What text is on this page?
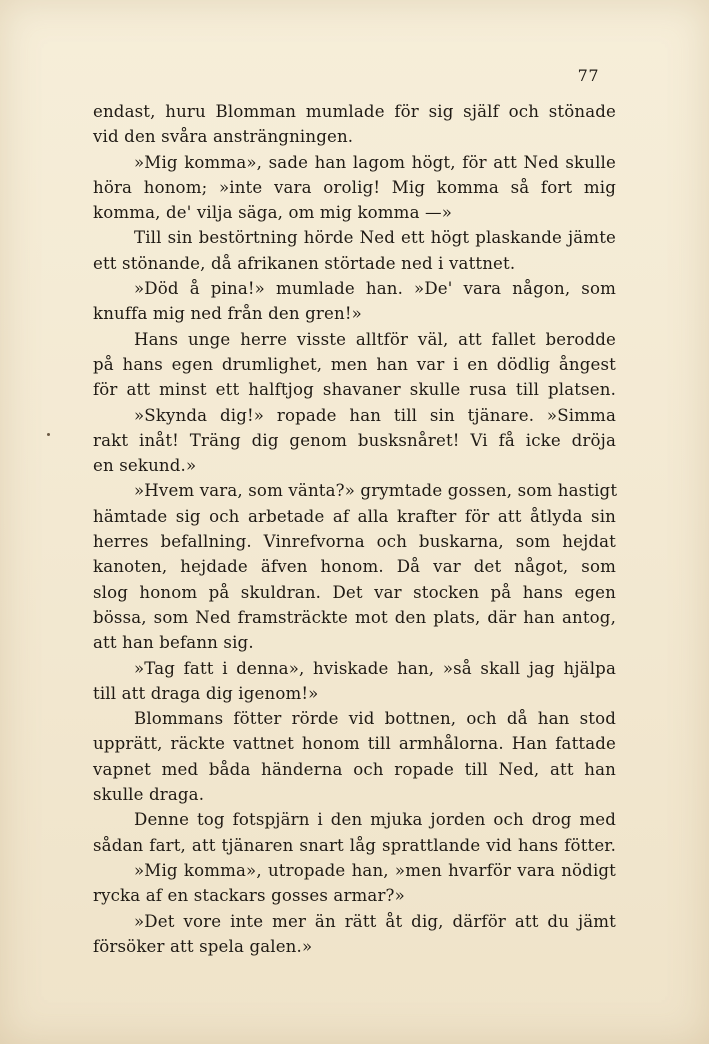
77
endast, huru Blomman mumlade för sig själf och stönade
vid den svåra ansträngningen.
»Mig komma», sade han lagom högt, för att Ned skulle
höra honom; »inte vara orolig! Mig komma så fort mig
komma, de' vilja säga, om mig komma —»
Till sin bestörtning hörde Ned ett högt plaskande jämte
ett stönande, då afrikanen störtade ned i vattnet.
»Död å pina!» mumlade han. »De' vara någon, som
knuffa mig ned från den gren!»
Hans unge herre visste alltför väl, att fallet berodde
på hans egen drumlighet, men han var i en dödlig ångest
för att minst ett halftjog shavaner skulle rusa till platsen.
»Skynda dig!» ropade han till sin tjänare. »Simma
rakt inåt! Träng dig genom busksnåret! Vi få icke dröja
en sekund.»
»Hvem vara, som vänta?» grymtade gossen, som hastigt
hämtade sig och arbetade af alla krafter för att åtlyda sin
herres befallning. Vinrefvorna och buskarna, som hejdat
kanoten, hejdade äfven honom. Då var det något, som
slog honom på skuldran. Det var stocken på hans egen
bössa, som Ned framsträckte mot den plats, där han antog,
att han befann sig.
»Tag fatt i denna», hviskade han, »så skall jag hjälpa
till att draga dig igenom!»
Blommans fötter rörde vid bottnen, och då han stod
upprätt, räckte vattnet honom till armhålorna. Han fattade
vapnet med båda händerna och ropade till Ned, att han
skulle draga.
Denne tog fotspjärn i den mjuka jorden och drog med
sådan fart, att tjänaren snart låg sprattlande vid hans fötter.
»Mig komma», utropade han, »men hvarför vara nödigt
rycka af en stackars gosses armar?»
»Det vore inte mer än rätt åt dig, därför att du jämt
försöker att spela galen.»
